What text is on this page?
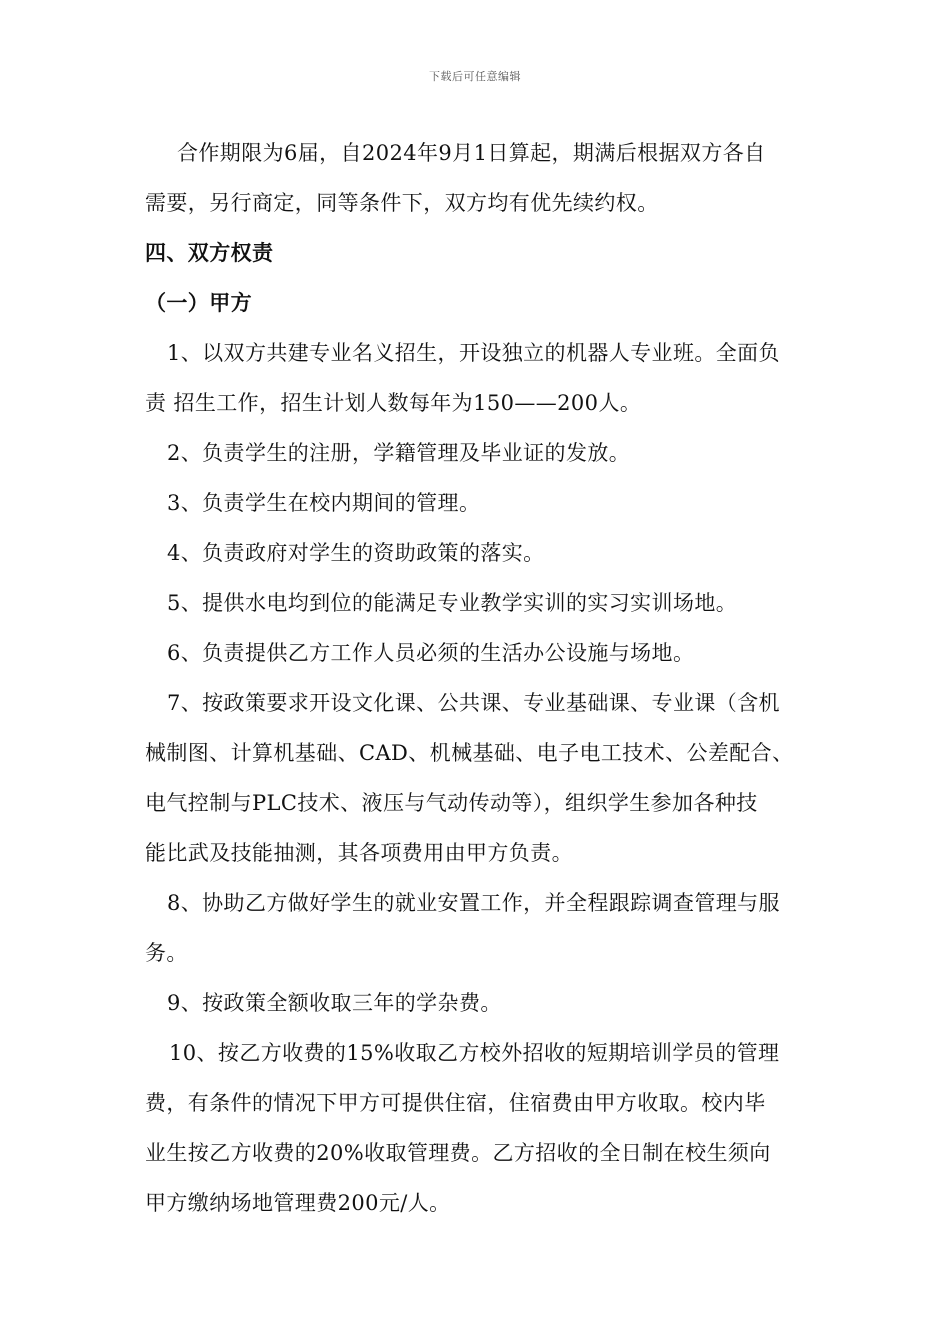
下载后可任意编辑
合作期限为6届，自2024年9月1日算起，期满后根据双方各自
需要，另行商定，同等条件下，双方均有优先续约权。
四、双方权责
（一）甲方
1、以双方共建专业名义招生，开设独立的机器人专业班。全面负
责 招生工作，招生计划人数每年为150——200人。
2、负责学生的注册，学籍管理及毕业证的发放。
3、负责学生在校内期间的管理。
4、负责政府对学生的资助政策的落实。
5、提供水电均到位的能满足专业教学实训的实习实训场地。
6、负责提供乙方工作人员必须的生活办公设施与场地。
7、按政策要求开设文化课、公共课、专业基础课、专业课（含机
械制图、计算机基础、CAD、机械基础、电子电工技术、公差配合、
电气控制与PLC技术、液压与气动传动等），组织学生参加各种技
能比武及技能抽测，其各项费用由甲方负责。
8、协助乙方做好学生的就业安置工作，并全程跟踪调查管理与服
务。
9、按政策全额收取三年的学杂费。
10、按乙方收费的15%收取乙方校外招收的短期培训学员的管理
费，有条件的情况下甲方可提供住宿，住宿费由甲方收取。校内毕
业生按乙方收费的20%收取管理费。乙方招收的全日制在校生须向
甲方缴纳场地管理费200元/人。
